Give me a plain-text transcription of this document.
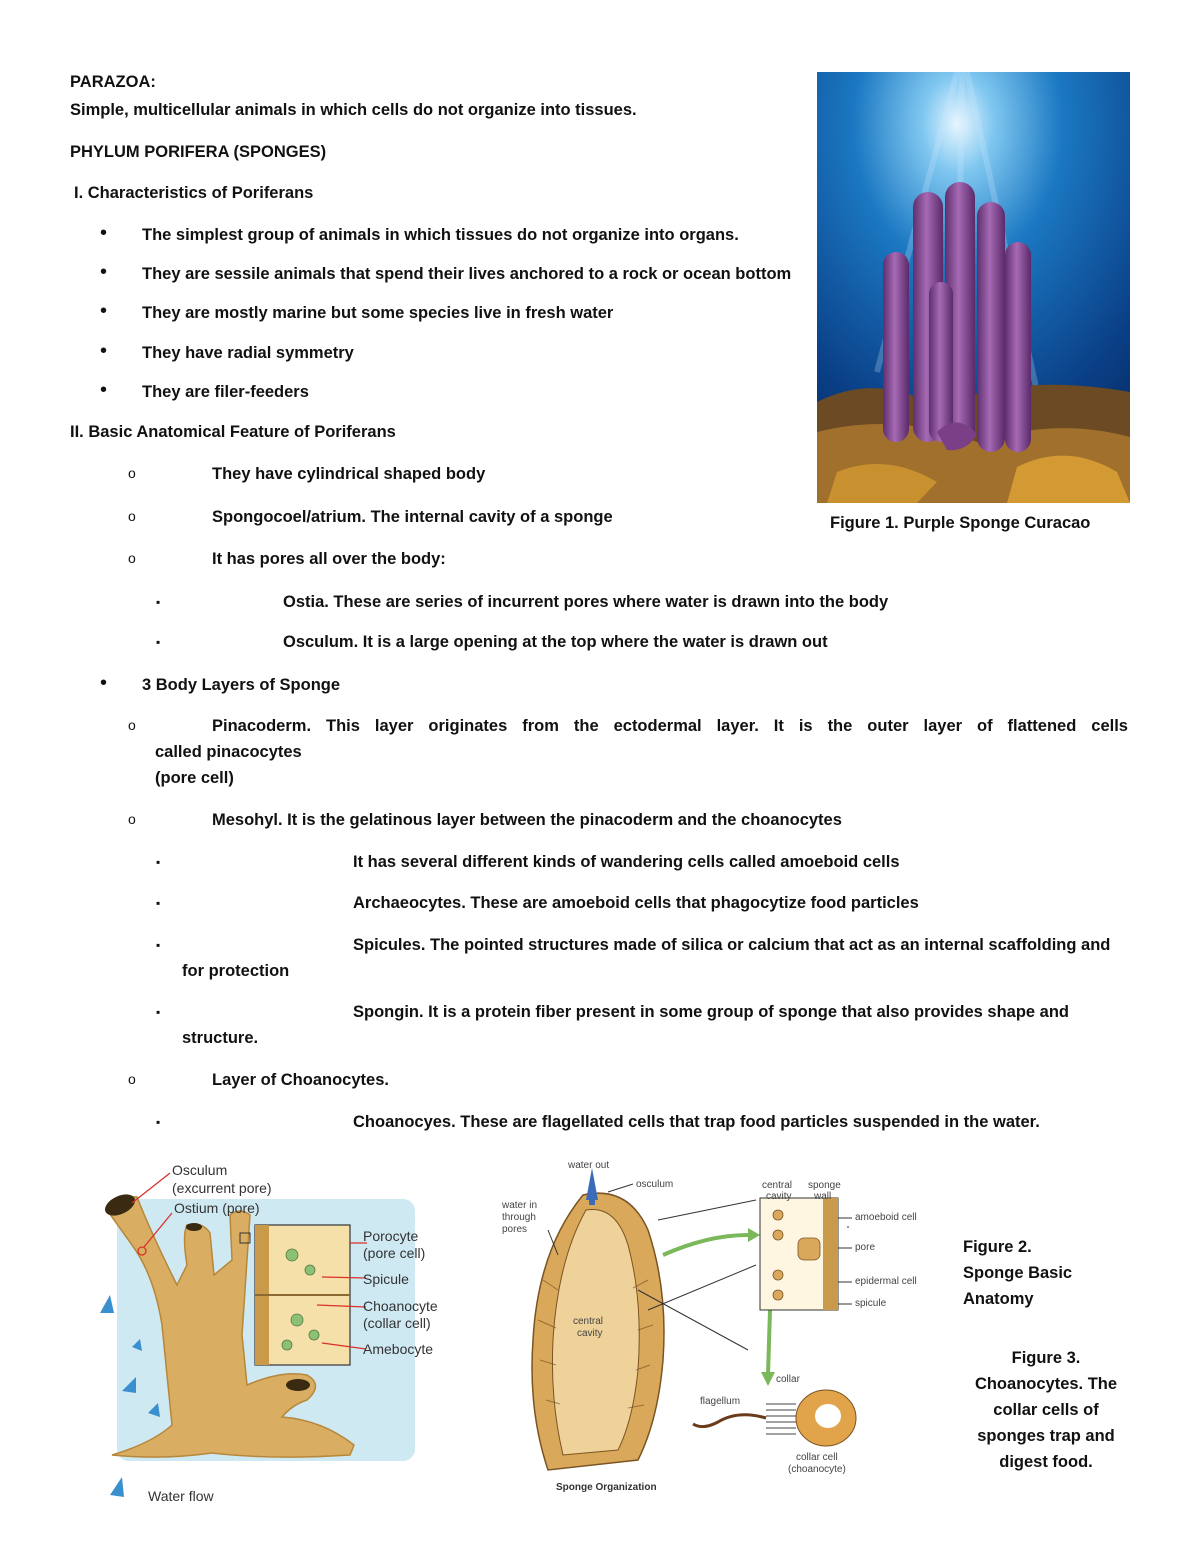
PARAZOA:
Simple, multicellular animals in which cells do not organize into tissues.
PHYLUM PORIFERA (SPONGES)
I. Characteristics of Poriferans
•
The simplest group of animals in which tissues do not organize into organs.
•
They are sessile animals that spend their lives anchored to a rock or ocean bottom
•
They are mostly marine but some species live in fresh water
•
They have radial symmetry
•
They are filer-feeders
II. Basic Anatomical Feature of Poriferans
o
They have cylindrical shaped body
o
Spongocoel/atrium. The internal cavity of a sponge
o
It has pores all over the body:
▪
Ostia. These are series of incurrent pores where water is drawn into the body
▪
Osculum. It is a large opening at the top where the water is drawn out
•
3 Body Layers of Sponge
o
Pinacoderm. This layer originates from the ectodermal layer. It is the outer layer of flattened cells
called pinacocytes
(pore cell)
o
Mesohyl. It is the gelatinous layer between the pinacoderm and the choanocytes
▪
It has several different kinds of wandering cells called amoeboid cells
▪
Archaeocytes. These are amoeboid cells that phagocytize food particles
▪
Spicules. The pointed structures made of silica or calcium that act as an internal scaffolding and
for protection
▪
Spongin. It is a protein fiber present in some group of sponge that also provides shape and
structure.
o
Layer of Choanocytes.
▪
Choanocyes. These are flagellated cells that trap food particles suspended in the water.
Figure 1. Purple Sponge Curacao
Osculum
(excurrent pore)
Ostium (pore)
Porocyte
(pore cell)
Spicule
Choanocyte
(collar cell)
Amebocyte
Water flow
water out
osculum
water in
through
pores
central
cavity
central
cavity
sponge
wall
amoeboid cell
pore
epidermal cell
spicule
collar
flagellum
collar cell
(choanocyte)
Sponge Organization
Figure 2.
Sponge Basic
Anatomy
Figure 3.
Choanocytes. The
collar cells of
sponges trap and
digest food.
